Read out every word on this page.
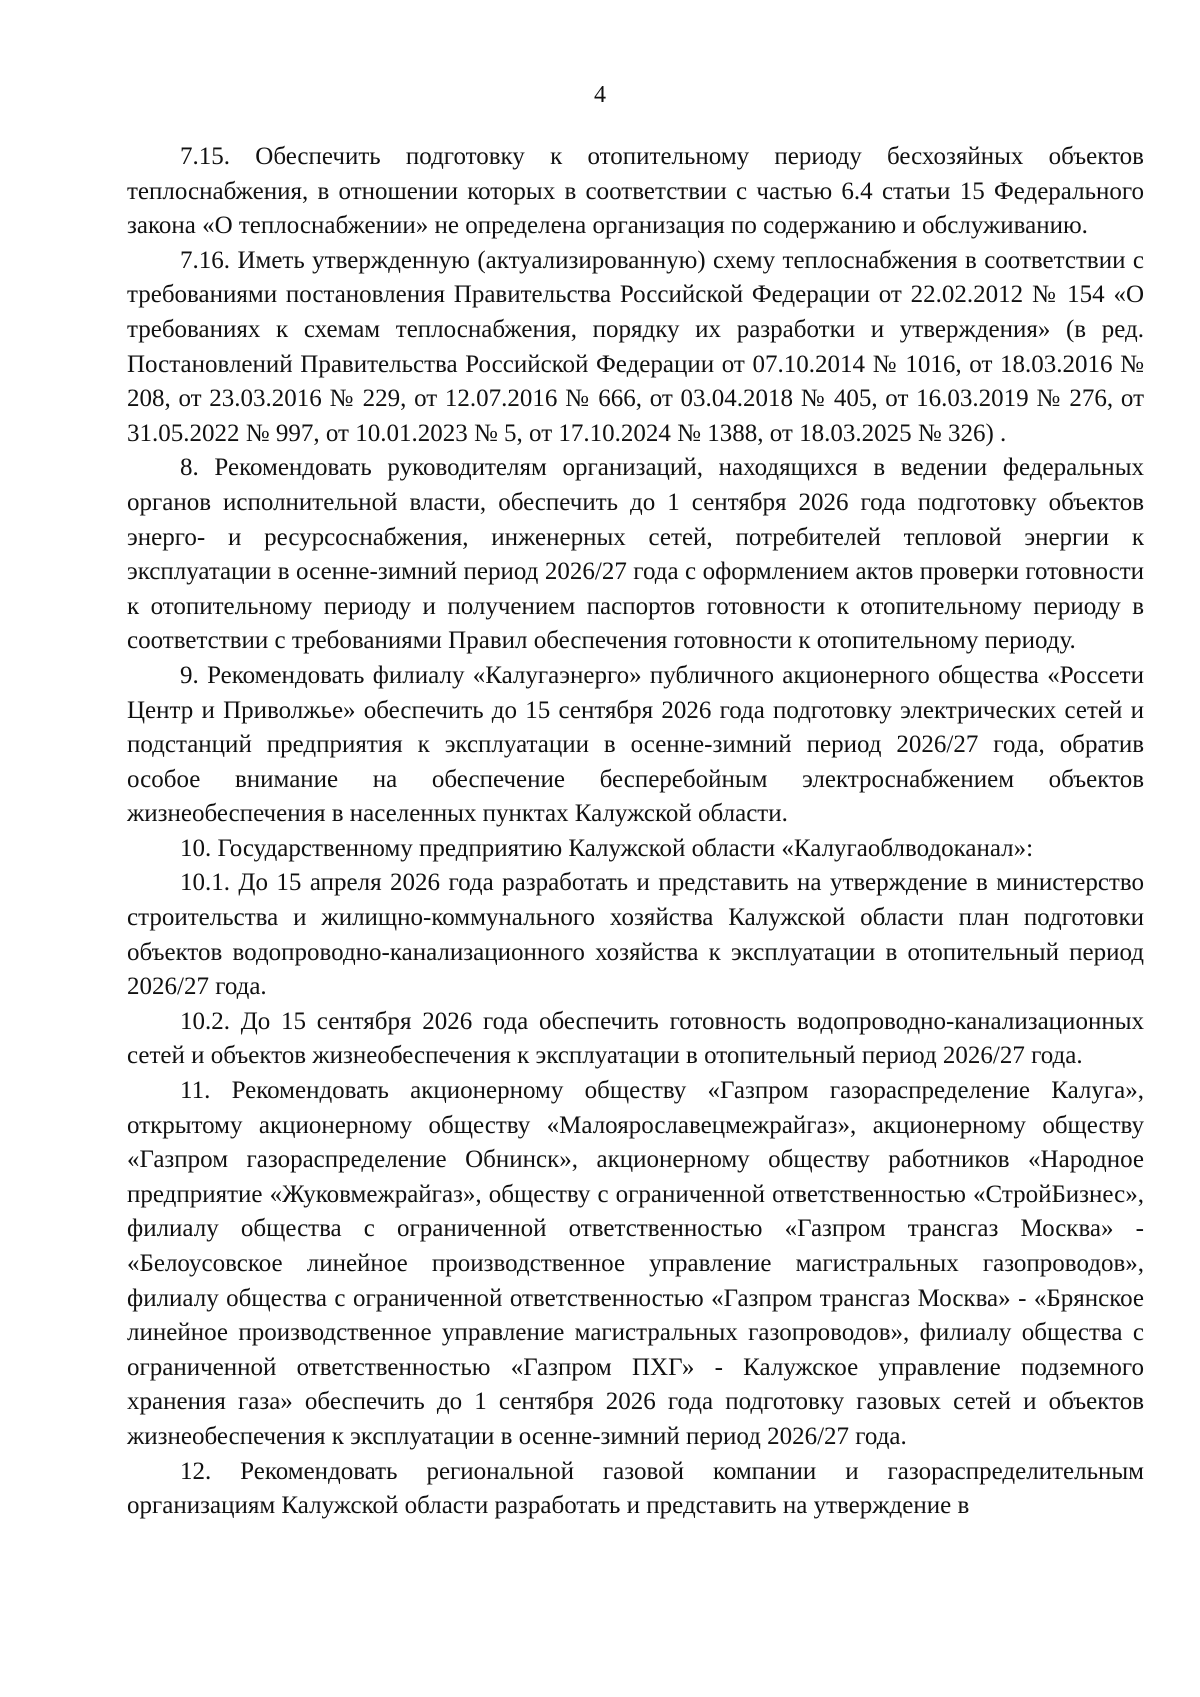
4

7.15. Обеспечить подготовку к отопительному периоду бесхозяйных объектов теплоснабжения, в отношении которых в соответствии с частью 6.4 статьи 15 Федерального закона «О теплоснабжении» не определена организация по содержанию и обслуживанию.

7.16. Иметь утвержденную (актуализированную) схему теплоснабжения в соответствии с требованиями постановления Правительства Российской Федерации от 22.02.2012 № 154 «О требованиях к схемам теплоснабжения, порядку их разработки и утверждения» (в ред. Постановлений Правительства Российской Федерации от 07.10.2014 № 1016, от 18.03.2016 № 208, от 23.03.2016 № 229, от 12.07.2016 № 666, от 03.04.2018 № 405, от 16.03.2019 № 276, от 31.05.2022 № 997, от 10.01.2023 № 5, от 17.10.2024 № 1388, от 18.03.2025 № 326) .

8. Рекомендовать руководителям организаций, находящихся в ведении федеральных органов исполнительной власти, обеспечить до 1 сентября 2026 года подготовку объектов энерго- и ресурсоснабжения, инженерных сетей, потребителей тепловой энергии к эксплуатации в осенне-зимний период 2026/27 года с оформлением актов проверки готовности к отопительному периоду и получением паспортов готовности к отопительному периоду в соответствии с требованиями Правил обеспечения готовности к отопительному периоду.

9. Рекомендовать филиалу «Калугаэнерго» публичного акционерного общества «Россети Центр и Приволжье» обеспечить до 15 сентября 2026 года подготовку электрических сетей и подстанций предприятия к эксплуатации в осенне-зимний период 2026/27 года, обратив особое внимание на обеспечение бесперебойным электроснабжением объектов жизнеобеспечения в населенных пунктах Калужской области.

10. Государственному предприятию Калужской области «Калугаоблводоканал»:

10.1. До 15 апреля 2026 года разработать и представить на утверждение в министерство строительства и жилищно-коммунального хозяйства Калужской области план подготовки объектов водопроводно-канализационного хозяйства к эксплуатации в отопительный период 2026/27 года.

10.2. До 15 сентября 2026 года обеспечить готовность водопроводно-канализационных сетей и объектов жизнеобеспечения к эксплуатации в отопительный период 2026/27 года.

11. Рекомендовать акционерному обществу «Газпром газораспределение Калуга», открытому акционерному обществу «Малоярославецмежрайгаз», акционерному обществу «Газпром газораспределение Обнинск», акционерному обществу работников «Народное предприятие «Жуковмежрайгаз», обществу с ограниченной ответственностью «СтройБизнес», филиалу общества с ограниченной ответственностью «Газпром трансгаз Москва» - «Белоусовское линейное производственное управление магистральных газопроводов», филиалу общества с ограниченной ответственностью «Газпром трансгаз Москва» - «Брянское линейное производственное управление магистральных газопроводов», филиалу общества с ограниченной ответственностью «Газпром ПХГ» - Калужское управление подземного хранения газа» обеспечить до 1 сентября 2026 года подготовку газовых сетей и объектов жизнеобеспечения к эксплуатации в осенне-зимний период 2026/27 года.

12. Рекомендовать региональной газовой компании и газораспределительным организациям Калужской области разработать и представить на утверждение в
